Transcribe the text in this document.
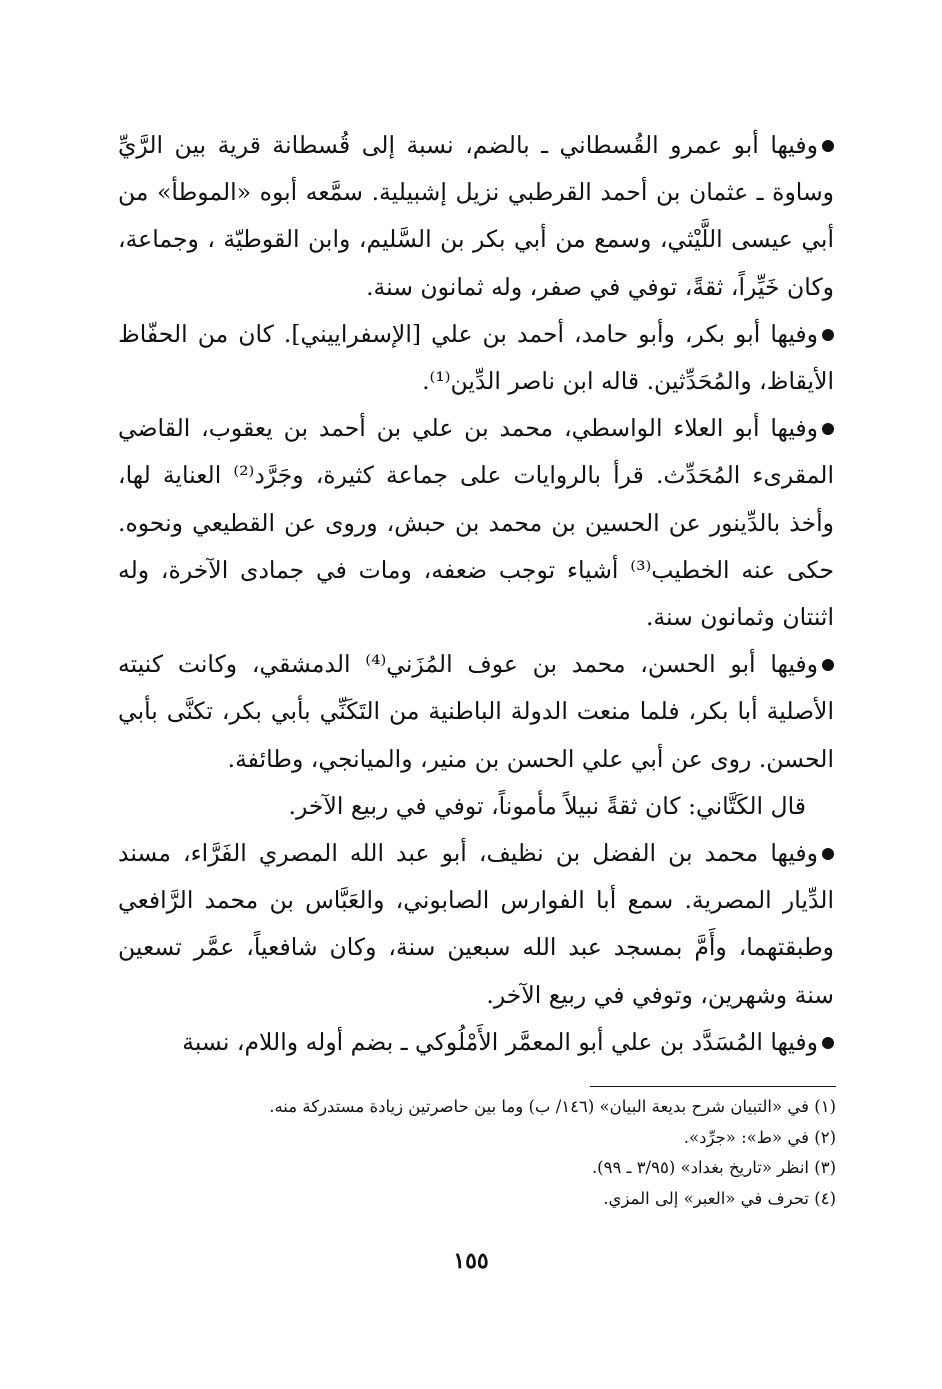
وفيها أبو عمرو القُسطاني ـ بالضم، نسبة إلى قُسطانة قرية بين الرَّيِّ وساوة ـ عثمان بن أحمد القرطبي نزيل إشبيلية. سمَّعه أبوه «الموطأ» من أبي عيسى اللَّيْثي، وسمع من أبي بكر بن السَّليم، وابن القوطيّة ، وجماعة، وكان خَيِّراً، ثقةً، توفي في صفر، وله ثمانون سنة.

وفيها أبو بكر، وأبو حامد، أحمد بن علي [الإسفراييني]. كان من الحفّاظ الأيقاظ، والمُحَدِّثين. قاله ابن ناصر الدِّين⁽¹⁾.

وفيها أبو العلاء الواسطي، محمد بن علي بن أحمد بن يعقوب، القاضي المقرىء المُحَدِّث. قرأ بالروايات على جماعة كثيرة، وجَرَّد⁽²⁾ العناية لها، وأخذ بالدِّينور عن الحسين بن محمد بن حبش، وروى عن القطيعي ونحوه. حكى عنه الخطيب⁽³⁾ أشياء توجب ضعفه، ومات في جمادى الآخرة، وله اثنتان وثمانون سنة.

وفيها أبو الحسن، محمد بن عوف المُزَني⁽⁴⁾ الدمشقي، وكانت كنيته الأصلية أبا بكر، فلما منعت الدولة الباطنية من التَكَنِّي بأبي بكر، تكنَّى بأبي الحسن. روى عن أبي علي الحسن بن منير، والميانجي، وطائفة.

قال الكَتَّاني: كان ثقةً نبيلاً مأموناً، توفي في ربيع الآخر.

وفيها محمد بن الفضل بن نظيف، أبو عبد الله المصري الفَرَّاء، مسند الدِّيار المصرية. سمع أبا الفوارس الصابوني، والعَبَّاس بن محمد الرَّافعي وطبقتهما، وأَمَّ بمسجد عبد الله سبعين سنة، وكان شافعياً، عمَّر تسعين سنة وشهرين، وتوفي في ربيع الآخر.

وفيها المُسَدَّد بن علي أبو المعمَّر الأَمْلُوكي ـ بضم أوله واللام، نسبة

(١) في «التبيان شرح بديعة البيان» (١٤٦/ ب) وما بين حاصرتين زيادة مستدركة منه.

(٢) في «ط»: «جرِّد».

(٣) انظر «تاريخ بغداد» (٣/٩٥ ـ ٩٩).

(٤) تحرف في «العبر» إلى المزي.

١٥٥
